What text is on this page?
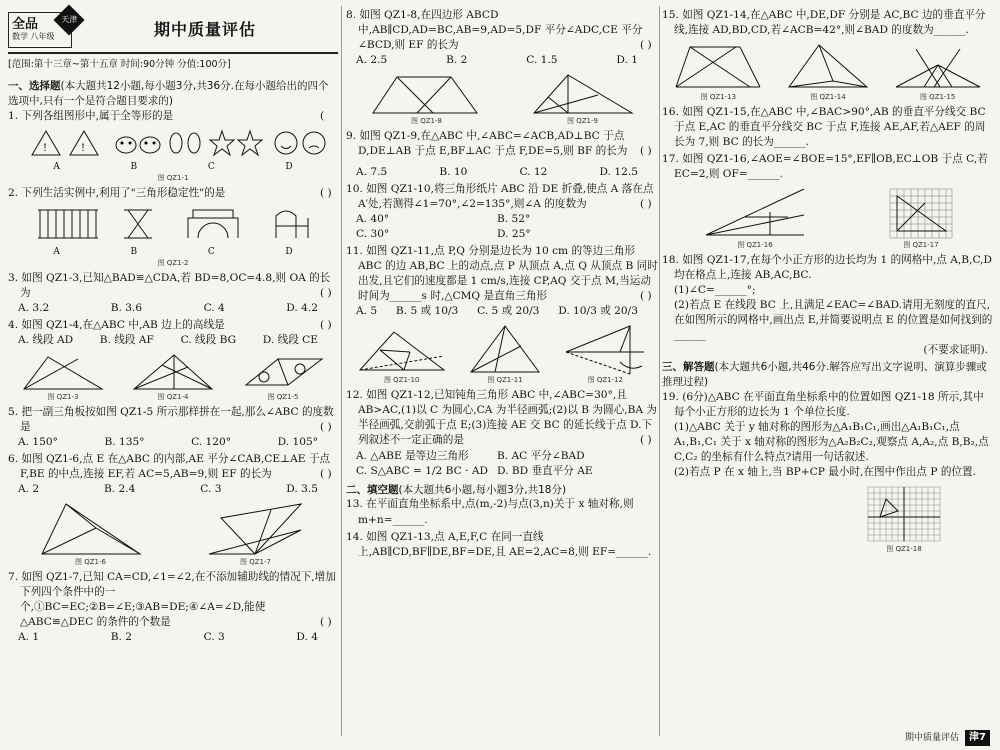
全品
数学 八年级
天津	期中质量评估
[范围:第十三章~第十五章 时间:90分钟 分值:100分]
一、选择题(本大题共12小题,每小题3分,共36分.在每小题给出的四个选项中,只有一个是符合题目要求的)
1. 下列各组图形中,属于全等形的是	(
!	!
A	B	C	D
图 QZ1-1
2. 下列生活实例中,利用了"三角形稳定性"的是	( )
A	B	C	D
图 QZ1-2
3. 如图 QZ1-3,已知△BAD≌△CDA,若 BD=8,OC=4.8,则 OA 的长为	( )
A. 3.2	B. 3.6	C. 4	D. 4.2
4. 如图 QZ1-4,在△ABC 中,AB 边上的高线是	( )
A. 线段 AD	B. 线段 AF	C. 线段 BG	D. 线段 CE
图 QZ1-3	图 QZ1-4	图 QZ1-5
5. 把一副三角板按如图 QZ1-5 所示那样拼在一起,那么∠ABC 的度数是	( )
A. 150°	B. 135°	C. 120°	D. 105°
6. 如图 QZ1-6,点 E 在△ABC 的内部,AE 平分∠CAB,CE⊥AE 于点 F,BE 的中点,连接 EF,若 AC=5,AB=9,则 EF 的长为	( )
A. 2	B. 2.4	C. 3	D. 3.5
图 QZ1-6	图 QZ1-7
7. 如图 QZ1-7,已知 CA=CD,∠1=∠2,在不添加辅助线的情况下,增加下列四个条件中的一个,①BC=EC;②B=∠E;③AB=DE;④∠A=∠D,能使△ABC≌△DEC 的条件的个数是	( )
A. 1	B. 2	C. 3	D. 4
8. 如图 QZ1-8,在四边形 ABCD 中,AB∥CD,AD=BC,AB=9,AD=5,DF 平分∠ADC,CE 平分∠BCD,则 EF 的长为	( )
A. 2.5	B. 2	C. 1.5	D. 1
图 QZ1-8	图 QZ1-9
9. 如图 QZ1-9,在△ABC 中,∠ABC=∠ACB,AD⊥BC 于点 D,DE⊥AB 于点 E,BF⊥AC 于点 F,DE=5,则 BF 的长为 ( )
A. 7.5	B. 10	C. 12	D. 12.5
10. 如图 QZ1-10,将三角形纸片 ABC 沿 DE 折叠,使点 A 落在点 A′处,若测得∠1=70°,∠2=135°,则∠A 的度数为	( )
A. 40°	B. 52°
C. 30°	D. 25°
11. 如图 QZ1-11,点 P,Q 分别是边长为 10 cm 的等边三角形 ABC 的边 AB,BC 上的动点,点 P 从顶点 A,点 Q 从顶点 B 同时出发,且它们的速度都是 1 cm/s,连接 CP,AQ 交于点 M,当运动时间为______s 时,△CMQ 是直角三角形	( )
A. 5 B. 5 或 10/3 C. 5 或 20/3 D. 10/3 或 20/3
图 QZ1-10	图 QZ1-11	图 QZ1-12
12. 如图 QZ1-12,已知钝角三角形 ABC 中,∠ABC=30°,且 AB>AC,(1)以 C 为圆心,CA 为半径画弧;(2)以 B 为圆心,BA 为半径画弧,交前弧于点 E;(3)连接 AE 交 BC 的延长线于点 D.下列叙述不一定正确的是	( )
A. △ABE 是等边三角形	B. AC 平分∠BAD
C. S△ABC = 1/2 BC · AD D. BD 垂直平分 AE
二、填空题(本大题共6小题,每小题3分,共18分)
13. 在平面直角坐标系中,点(m,-2)与点(3,n)关于 x 轴对称,则 m+n=______.
14. 如图 QZ1-13,点 A,E,F,C 在同一直线上,AB∥CD,BF∥DE,BF=DE,且 AE=2,AC=8,则 EF=______.
15. 如图 QZ1-14,在△ABC 中,DE,DF 分别是 AC,BC 边的垂直平分线,连接 AD,BD,CD,若∠ACB=42°,则∠BAD 的度数为______.
图 QZ1-13	图 QZ1-14	图 QZ1-15
16. 如图 QZ1-15,在△ABC 中,∠BAC>90°,AB 的垂直平分线交 BC 于点 E,AC 的垂直平分线交 BC 于点 F,连接 AE,AF,若△AEF 的周长为 7,则 BC 的长为______.
17. 如图 QZ1-16,∠AOE=∠BOE=15°,EF∥OB,EC⊥OB 于点 C,若 EC=2,则 OF=______.
图 QZ1-16	图 QZ1-17
18. 如图 QZ1-17,在每个小正方形的边长均为 1 的网格中,点 A,B,C,D 均在格点上,连接 AB,AC,BC.
(1)∠C=______°;
(2)若点 E 在线段 BC 上,且满足∠EAC=∠BAD.请用无刻度的直尺,在如图所示的网格中,画出点 E,并简要说明点 E 的位置是如何找到的______
(不要求证明).
三、解答题(本大题共6小题,共46分.解答应写出文字说明、演算步骤或推理过程)
19. (6分)△ABC 在平面直角坐标系中的位置如图 QZ1-18 所示,其中每个小正方形的边长为 1 个单位长度.
(1)△ABC 关于 y 轴对称的图形为△A₁B₁C₁,画出△A₁B₁C₁,点 A₁,B₁,C₁ 关于 x 轴对称的图形为△A₂B₂C₂,观察点 A,A₂,点 B,B₂,点 C,C₂ 的坐标有什么特点?请用一句话叙述.
(2)若点 P 在 x 轴上,当 BP+CP 最小时,在图中作出点 P 的位置.
图 QZ1-18
期中质量评估	津7
